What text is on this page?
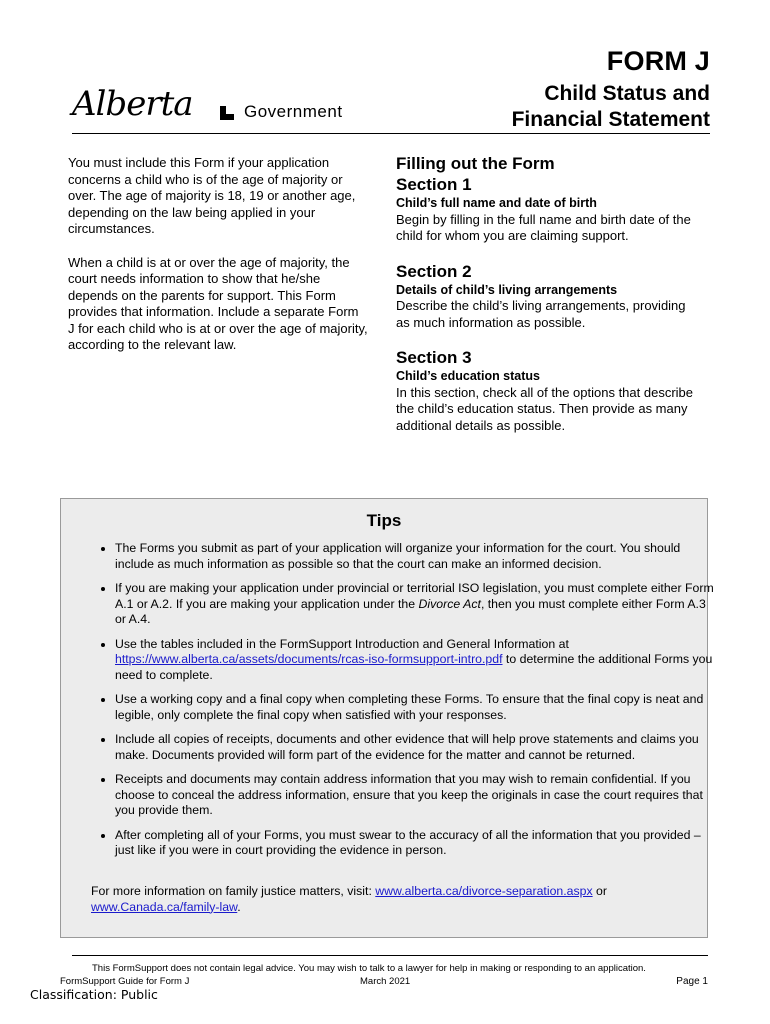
FORM J
Child Status and
Financial Statement
Alberta	Government

You must include this Form if your application concerns a child who is of the age of majority or over. The age of majority is 18, 19 or another age, depending on the law being applied in your circumstances.

When a child is at or over the age of majority, the court needs information to show that he/she depends on the parents for support. This Form provides that information. Include a separate Form J for each child who is at or over the age of majority, according to the relevant law.

Filling out the Form
Section 1
Child’s full name and date of birth

Begin by filling in the full name and birth date of the child for whom you are claiming support.

Section 2
Details of child’s living arrangements

Describe the child’s living arrangements, providing as much information as possible.

Section 3
Child’s education status

In this section, check all of the options that describe the child’s education status. Then provide as many additional details as possible.

Tips
• The Forms you submit as part of your application will organize your information for the court. You should include as much information as possible so that the court can make an informed decision.
• If you are making your application under provincial or territorial ISO legislation, you must complete either Form A.1 or A.2. If you are making your application under the Divorce Act, then you must complete either Form A.3 or A.4.
• Use the tables included in the FormSupport Introduction and General Information at https://www.alberta.ca/assets/documents/rcas-iso-formsupport-intro.pdf to determine the additional Forms you need to complete.
• Use a working copy and a final copy when completing these Forms. To ensure that the final copy is neat and legible, only complete the final copy when satisfied with your responses.
• Include all copies of receipts, documents and other evidence that will help prove statements and claims you make. Documents provided will form part of the evidence for the matter and cannot be returned.
• Receipts and documents may contain address information that you may wish to remain confidential. If you choose to conceal the address information, ensure that you keep the originals in case the court requires that you provide them.
• After completing all of your Forms, you must swear to the accuracy of all the information that you provided – just like if you were in court providing the evidence in person.
For more information on family justice matters, visit: www.alberta.ca/divorce-separation.aspx or www.Canada.ca/family-law.
This FormSupport does not contain legal advice. You may wish to talk to a lawyer for help in making or responding to an application.
FormSupport Guide for Form J	March 2021	Page 1
Classification: Public
